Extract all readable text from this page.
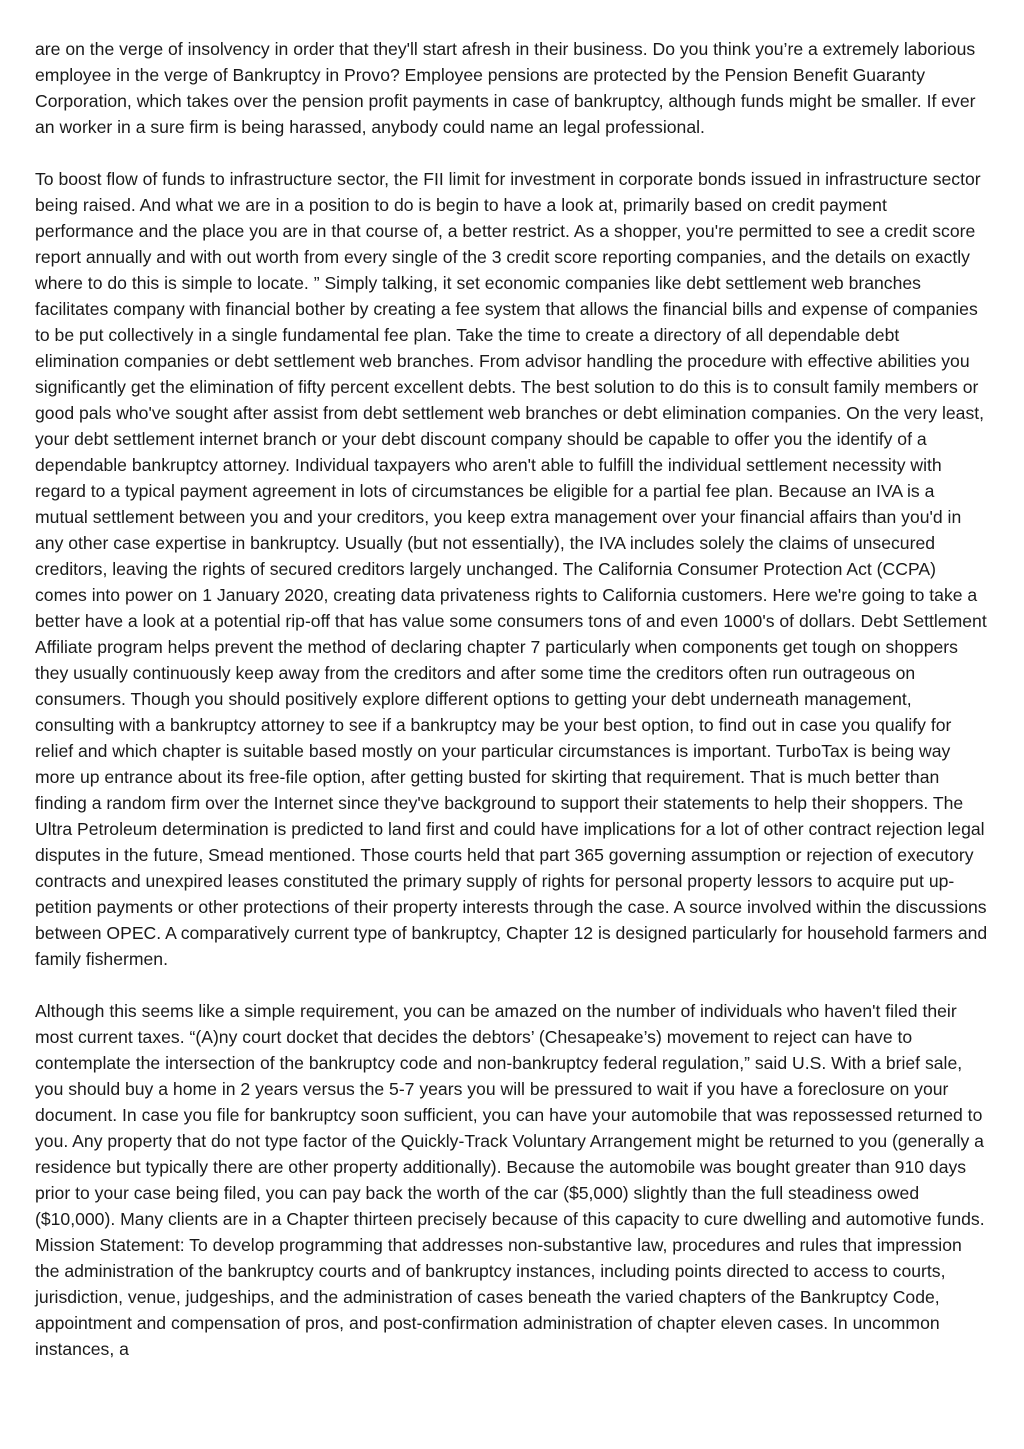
are on the verge of insolvency in order that they'll start afresh in their business. Do you think you’re a extremely laborious employee in the verge of Bankruptcy in Provo? Employee pensions are protected by the Pension Benefit Guaranty Corporation, which takes over the pension profit payments in case of bankruptcy, although funds might be smaller. If ever an worker in a sure firm is being harassed, anybody could name an legal professional.

To boost flow of funds to infrastructure sector, the FII limit for investment in corporate bonds issued in infrastructure sector being raised. And what we are in a position to do is begin to have a look at, primarily based on credit payment performance and the place you are in that course of, a better restrict. As a shopper, you're permitted to see a credit score report annually and with out worth from every single of the 3 credit score reporting companies, and the details on exactly where to do this is simple to locate. ” Simply talking, it set economic companies like debt settlement web branches facilitates company with financial bother by creating a fee system that allows the financial bills and expense of companies to be put collectively in a single fundamental fee plan. Take the time to create a directory of all dependable debt elimination companies or debt settlement web branches. From advisor handling the procedure with effective abilities you significantly get the elimination of fifty percent excellent debts. The best solution to do this is to consult family members or good pals who've sought after assist from debt settlement web branches or debt elimination companies. On the very least, your debt settlement internet branch or your debt discount company should be capable to offer you the identify of a dependable bankruptcy attorney. Individual taxpayers who aren't able to fulfill the individual settlement necessity with regard to a typical payment agreement in lots of circumstances be eligible for a partial fee plan. Because an IVA is a mutual settlement between you and your creditors, you keep extra management over your financial affairs than you'd in any other case expertise in bankruptcy. Usually (but not essentially), the IVA includes solely the claims of unsecured creditors, leaving the rights of secured creditors largely unchanged. The California Consumer Protection Act (CCPA) comes into power on 1 January 2020, creating data privateness rights to California customers. Here we're going to take a better have a look at a potential rip-off that has value some consumers tons of and even 1000's of dollars. Debt Settlement Affiliate program helps prevent the method of declaring chapter 7 particularly when components get tough on shoppers they usually continuously keep away from the creditors and after some time the creditors often run outrageous on consumers. Though you should positively explore different options to getting your debt underneath management, consulting with a bankruptcy attorney to see if a bankruptcy may be your best option, to find out in case you qualify for relief and which chapter is suitable based mostly on your particular circumstances is important. TurboTax is being way more up entrance about its free-file option, after getting busted for skirting that requirement. That is much better than finding a random firm over the Internet since they've background to support their statements to help their shoppers. The Ultra Petroleum determination is predicted to land first and could have implications for a lot of other contract rejection legal disputes in the future, Smead mentioned. Those courts held that part 365 governing assumption or rejection of executory contracts and unexpired leases constituted the primary supply of rights for personal property lessors to acquire put up-petition payments or other protections of their property interests through the case. A source involved within the discussions between OPEC. A comparatively current type of bankruptcy, Chapter 12 is designed particularly for household farmers and family fishermen.

Although this seems like a simple requirement, you can be amazed on the number of individuals who haven't filed their most current taxes. “(A)ny court docket that decides the debtors’ (Chesapeake’s) movement to reject can have to contemplate the intersection of the bankruptcy code and non-bankruptcy federal regulation,” said U.S. With a brief sale, you should buy a home in 2 years versus the 5-7 years you will be pressured to wait if you have a foreclosure on your document. In case you file for bankruptcy soon sufficient, you can have your automobile that was repossessed returned to you. Any property that do not type factor of the Quickly-Track Voluntary Arrangement might be returned to you (generally a residence but typically there are other property additionally). Because the automobile was bought greater than 910 days prior to your case being filed, you can pay back the worth of the car ($5,000) slightly than the full steadiness owed ($10,000). Many clients are in a Chapter thirteen precisely because of this capacity to cure dwelling and automotive funds. Mission Statement: To develop programming that addresses non-substantive law, procedures and rules that impression the administration of the bankruptcy courts and of bankruptcy instances, including points directed to access to courts, jurisdiction, venue, judgeships, and the administration of cases beneath the varied chapters of the Bankruptcy Code, appointment and compensation of pros, and post-confirmation administration of chapter eleven cases. In uncommon instances, a
